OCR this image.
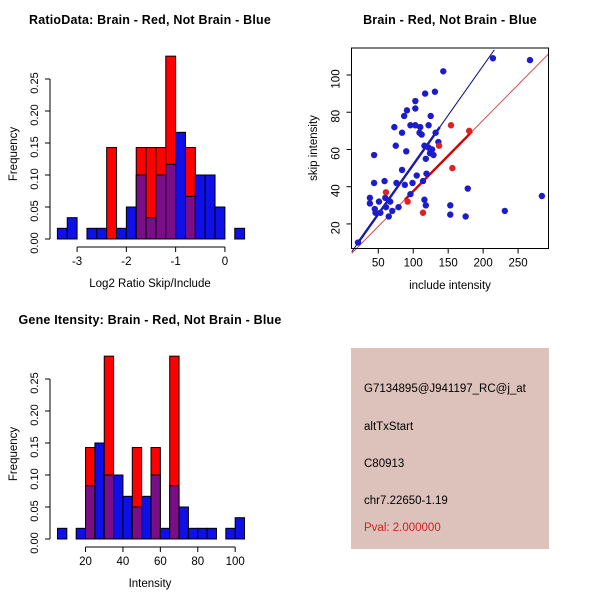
RatioData: Brain - Red, Not Brain - Blue
Frequency
0.00
0.05
0.10
0.15
0.20
0.25
-3	-2	-1	0
Log2 Ratio Skip/Include
Brain - Red, Not Brain - Blue
skip intensity
50 100 150 200 250
20
40
60
80
100
include intensity
Gene Itensity: Brain - Red, Not Brain - Blue
Frequency
0.00
0.05
0.10
0.15
0.20
0.25
20 40 60 80 100
Intensity
G7134895@J941197_RC@j_at
altTxStart
C80913
chr7.22650-1.19
Pval: 2.000000
